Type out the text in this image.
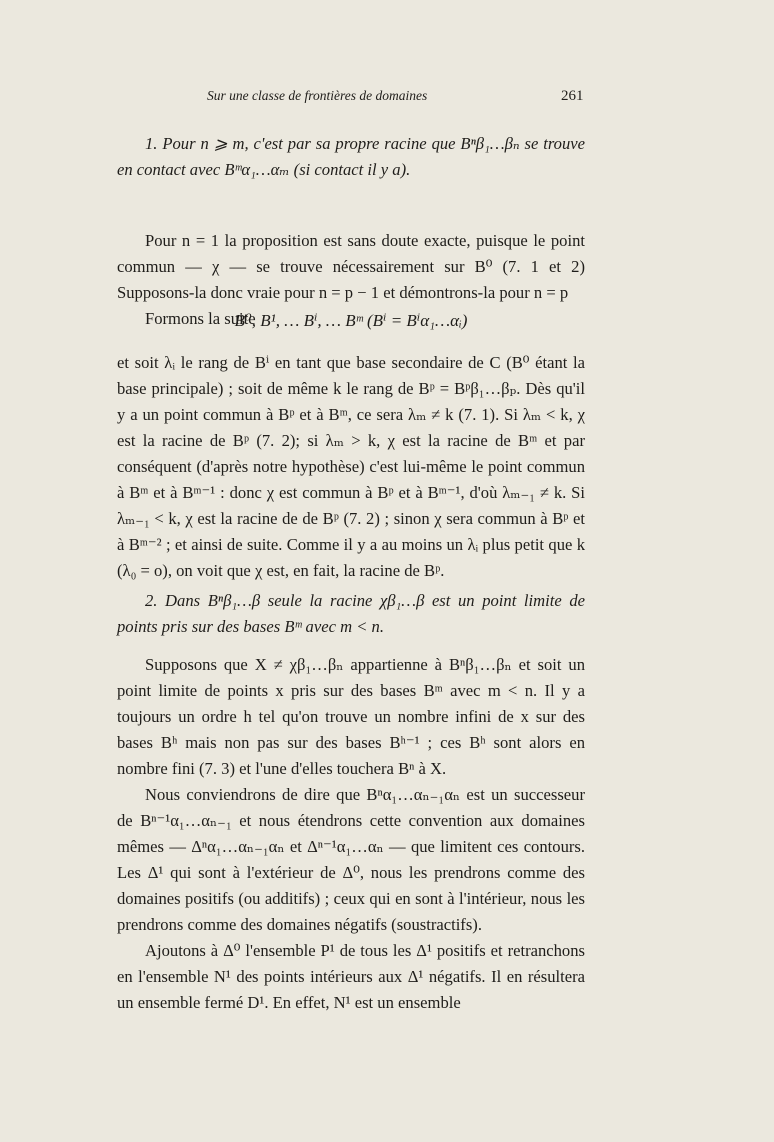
Sur une classe de frontières de domaines	261

1. Pour n ⩾ m, c'est par sa propre racine que Bⁿβ₁…βₙ se trouve en contact avec Bᵐα₁…αₘ (si contact il y a).

Pour n = 1 la proposition est sans doute exacte, puisque le point commun — χ — se trouve nécessairement sur B⁰ (7. 1 et 2) Supposons-la donc vraie pour n = p − 1 et démontrons-la pour n = p

Formons la suite

B⁰, B¹, … Bⁱ, … Bᵐ (Bⁱ = Bⁱα₁…αᵢ)

et soit λᵢ le rang de Bⁱ en tant que base secondaire de C (B⁰ étant la base principale) ; soit de même k le rang de Bᵖ = Bᵖβ₁…βₚ. Dès qu'il y a un point commun à Bᵖ et à Bᵐ, ce sera λₘ ≠ k (7. 1). Si λₘ < k, χ est la racine de Bᵖ (7. 2); si λₘ > k, χ est la racine de Bᵐ et par conséquent (d'après notre hypothèse) c'est lui-même le point commun à Bᵐ et à Bᵐ⁻¹ : donc χ est commun à Bᵖ et à Bᵐ⁻¹, d'où λₘ₋₁ ≠ k. Si λₘ₋₁ < k, χ est la racine de de Bᵖ (7. 2) ; sinon χ sera commun à Bᵖ et à Bᵐ⁻² ; et ainsi de suite. Comme il y a au moins un λᵢ plus petit que k (λ₀ = o), on voit que χ est, en fait, la racine de Bᵖ.

2. Dans Bⁿβ₁…β seule la racine χβ₁…β est un point limite de points pris sur des bases Bᵐ avec m < n.

Supposons que X ≠ χβ₁…βₙ appartienne à Bⁿβ₁…βₙ et soit un point limite de points x pris sur des bases Bᵐ avec m < n. Il y a toujours un ordre h tel qu'on trouve un nombre infini de x sur des bases Bʰ mais non pas sur des bases Bʰ⁻¹ ; ces Bʰ sont alors en nombre fini (7. 3) et l'une d'elles touchera Bⁿ à X.

Nous conviendrons de dire que Bⁿα₁…αₙ₋₁αₙ est un successeur de Bⁿ⁻¹α₁…αₙ₋₁ et nous étendrons cette convention aux domaines mêmes — Δⁿα₁…αₙ₋₁αₙ et Δⁿ⁻¹α₁…αₙ — que limitent ces contours. Les Δ¹ qui sont à l'extérieur de Δ⁰, nous les prendrons comme des domaines positifs (ou additifs) ; ceux qui en sont à l'intérieur, nous les prendrons comme des domaines négatifs (soustractifs).

Ajoutons à Δ⁰ l'ensemble P¹ de tous les Δ¹ positifs et retranchons en l'ensemble N¹ des points intérieurs aux Δ¹ négatifs. Il en résultera un ensemble fermé D¹. En effet, N¹ est un ensemble
